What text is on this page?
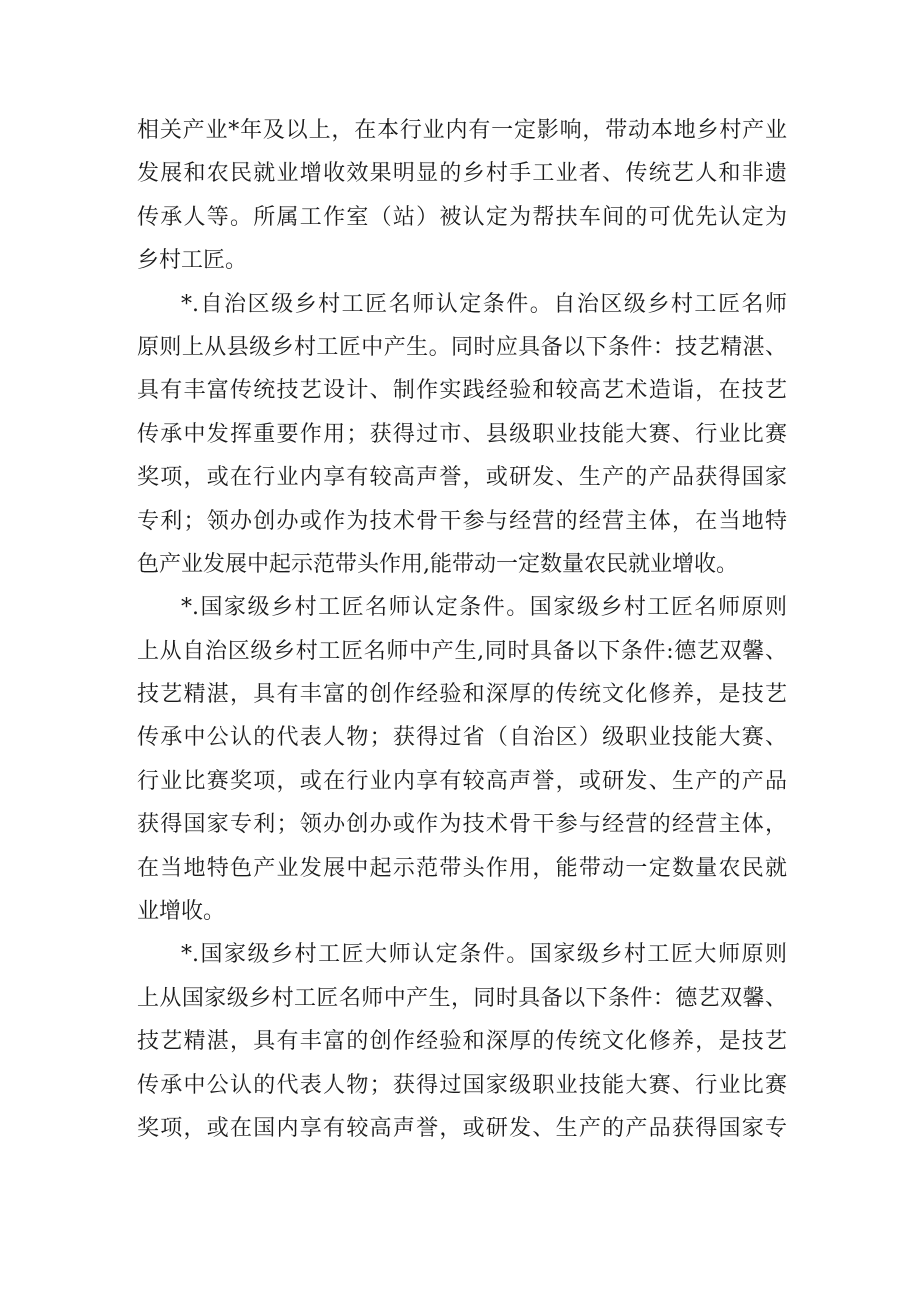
相关产业*年及以上，在本行业内有一定影响，带动本地乡村产业
发展和农民就业增收效果明显的乡村手工业者、传统艺人和非遗
传承人等。所属工作室（站）被认定为帮扶车间的可优先认定为
乡村工匠。
*.自治区级乡村工匠名师认定条件。自治区级乡村工匠名师
原则上从县级乡村工匠中产生。同时应具备以下条件：技艺精湛、
具有丰富传统技艺设计、制作实践经验和较高艺术造诣，在技艺
传承中发挥重要作用；获得过市、县级职业技能大赛、行业比赛
奖项，或在行业内享有较高声誉，或研发、生产的产品获得国家
专利；领办创办或作为技术骨干参与经营的经营主体，在当地特
色产业发展中起示范带头作用,能带动一定数量农民就业增收。
*.国家级乡村工匠名师认定条件。国家级乡村工匠名师原则
上从自治区级乡村工匠名师中产生,同时具备以下条件:德艺双馨、
技艺精湛，具有丰富的创作经验和深厚的传统文化修养，是技艺
传承中公认的代表人物；获得过省（自治区）级职业技能大赛、
行业比赛奖项，或在行业内享有较高声誉，或研发、生产的产品
获得国家专利；领办创办或作为技术骨干参与经营的经营主体，
在当地特色产业发展中起示范带头作用，能带动一定数量农民就
业增收。
*.国家级乡村工匠大师认定条件。国家级乡村工匠大师原则
上从国家级乡村工匠名师中产生，同时具备以下条件：德艺双馨、
技艺精湛，具有丰富的创作经验和深厚的传统文化修养，是技艺
传承中公认的代表人物；获得过国家级职业技能大赛、行业比赛
奖项，或在国内享有较高声誉，或研发、生产的产品获得国家专
